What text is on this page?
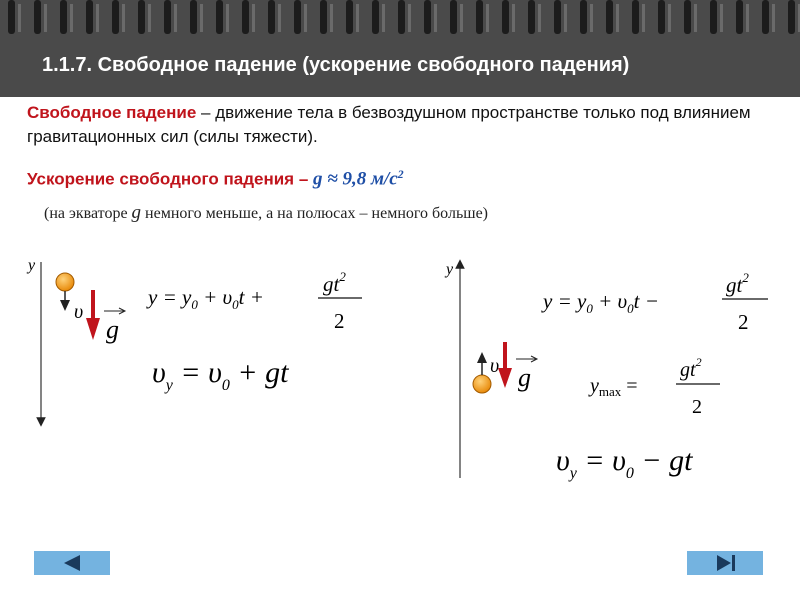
1.1.7. Свободное падение (ускорение свободного падения)
Свободное падение – движение тела в безвоздушном пространстве только под влиянием гравитационных сил (силы тяжести).
Ускорение свободного падения – g ≈ 9,8 $м/с^2$
(на экваторе g немного меньше, а на полюсах – немного больше)
y
υ
g
$y = y_0 + \upsilon_0t$ +
$gt^2$
2
$\upsilon_y = \upsilon_0$ + gt
y
υ g
$y = y_0 + \upsilon_0t$ −
$gt^2$
2
$y_{max}$ =
$gt^2$
2
$\upsilon_y = \upsilon_0$ − gt
